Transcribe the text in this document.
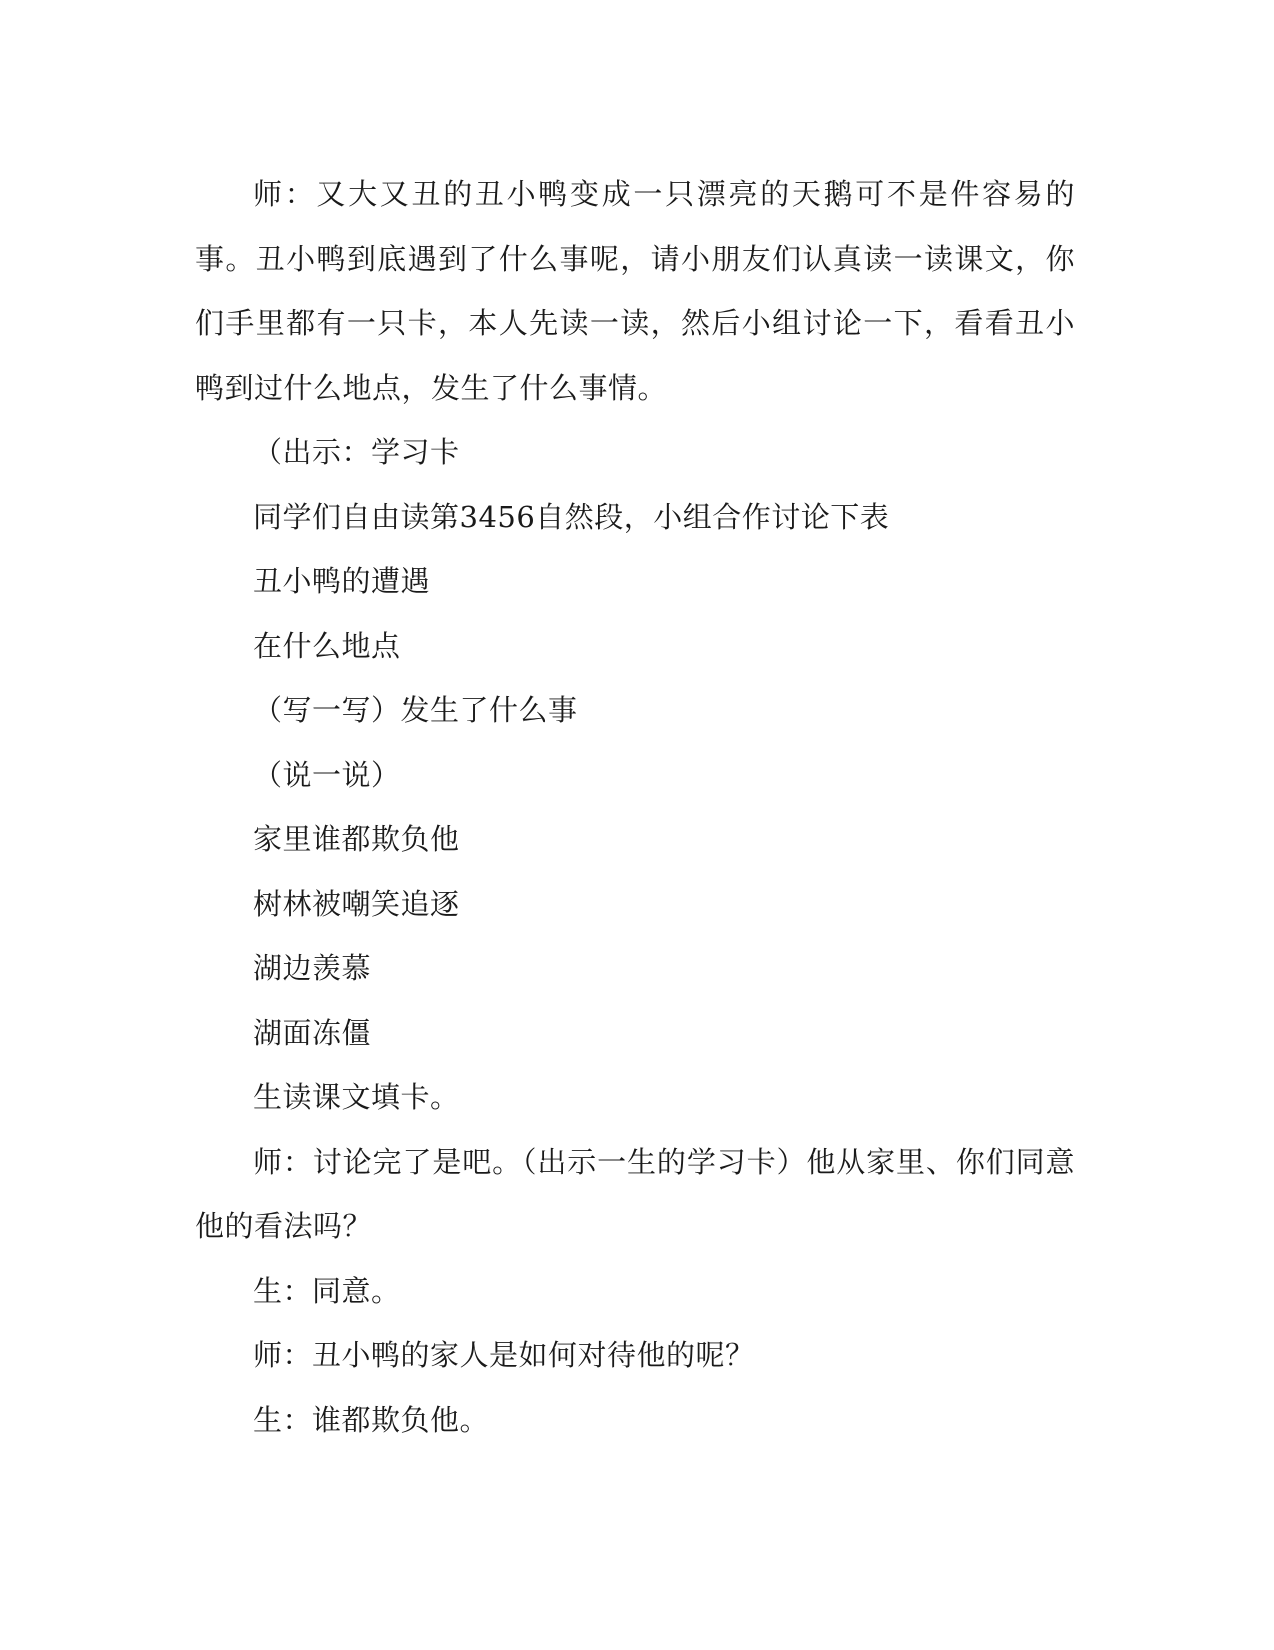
师：又大又丑的丑小鸭变成一只漂亮的天鹅可不是件容易的事。丑小鸭到底遇到了什么事呢，请小朋友们认真读一读课文，你们手里都有一只卡，本人先读一读，然后小组讨论一下，看看丑小鸭到过什么地点，发生了什么事情。

（出示：学习卡

同学们自由读第3456自然段，小组合作讨论下表

丑小鸭的遭遇

在什么地点

（写一写）发生了什么事

（说一说）

家里谁都欺负他

树林被嘲笑追逐

湖边羡慕

湖面冻僵

生读课文填卡。

师：讨论完了是吧。（出示一生的学习卡）他从家里、你们同意他的看法吗？

生：同意。

师：丑小鸭的家人是如何对待他的呢？

生：谁都欺负他。
